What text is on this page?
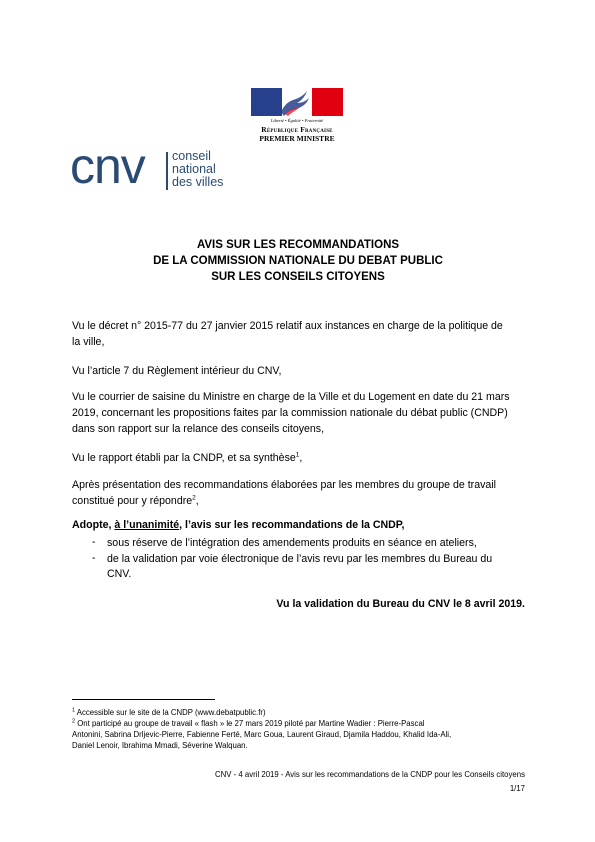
Liberté • Égalité • Fraternité
République Française
PREMIER MINISTRE
cnv conseil
national
des villes
AVIS SUR LES RECOMMANDATIONS
DE LA COMMISSION NATIONALE DU DEBAT PUBLIC
SUR LES CONSEILS CITOYENS
Vu le décret n° 2015-77 du 27 janvier 2015 relatif aux instances en charge de la politique de
la ville,
Vu l’article 7 du Règlement intérieur du CNV,
Vu le courrier de saisine du Ministre en charge de la Ville et du Logement en date du 21 mars
2019, concernant les propositions faites par la commission nationale du débat public (CNDP)
dans son rapport sur la relance des conseils citoyens,
Vu le rapport établi par la CNDP, et sa synthèse$^1$,
Après présentation des recommandations élaborées par les membres du groupe de travail
constitué pour y répondre$^2$,
Adopte, à l’unanimité, l’avis sur les recommandations de la CNDP,
- sous réserve de l’intégration des amendements produits en séance en ateliers,
- de la validation par voie électronique de l’avis revu par les membres du Bureau du
CNV.
Vu la validation du Bureau du CNV le 8 avril 2019.
$^1$ Accessible sur le site de la CNDP (www.debatpublic.fr)
$^2$ Ont participé au groupe de travail « flash » le 27 mars 2019 piloté par Martine Wadier : Pierre-Pascal
Antonini, Sabrina Drljevic-Pierre, Fabienne Ferté, Marc Goua, Laurent Giraud, Djamila Haddou, Khalid Ida-Ali,
Daniel Lenoir, Ibrahima Mmadi, Séverine Walquan.
CNV - 4 avril 2019 - Avis sur les recommandations de la CNDP pour les Conseils citoyens
1/17
